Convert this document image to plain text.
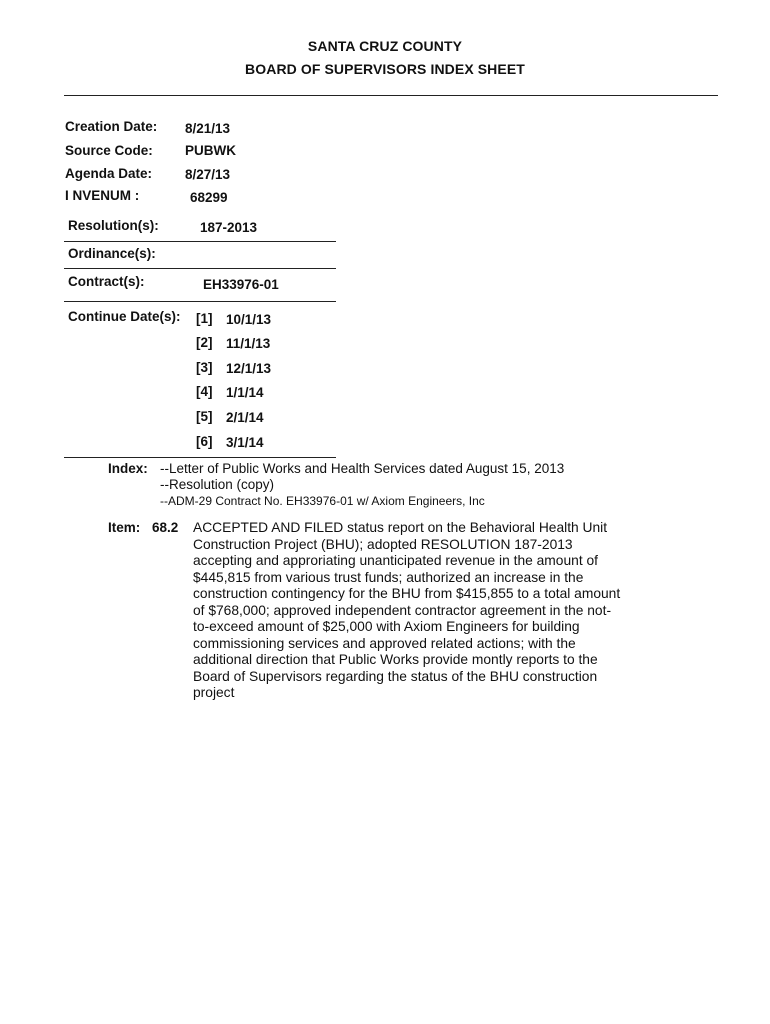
SANTA CRUZ COUNTY
BOARD OF SUPERVISORS INDEX SHEET
Creation Date: 8/21/13
Source Code: PUBWK
Agenda Date: 8/27/13
I NVENUM :	68299
Resolution(s):	187-2013
Ordinance(s):
Contract(s):	EH33976-01
Continue Date(s): [1] 10/1/13
[2] 11/1/13
[3] 12/1/13
[4] 1/1/14
[5] 2/1/14
[6] 3/1/14
Index: --Letter of Public Works and Health Services dated August 15, 2013
--Resolution (copy)
--ADM-29 Contract No. EH33976-01 w/ Axiom Engineers, Inc
Item: 68.2 ACCEPTED AND FILED status report on the Behavioral Health Unit Construction Project (BHU); adopted RESOLUTION 187-2013 accepting and approriating unanticipated revenue in the amount of $445,815 from various trust funds; authorized an increase in the construction contingency for the BHU from $415,855 to a total amount of $768,000; approved independent contractor agreement in the not-to-exceed amount of $25,000 with Axiom Engineers for building commissioning services and approved related actions; with the additional direction that Public Works provide montly reports to the Board of Supervisors regarding the status of the BHU construction project
